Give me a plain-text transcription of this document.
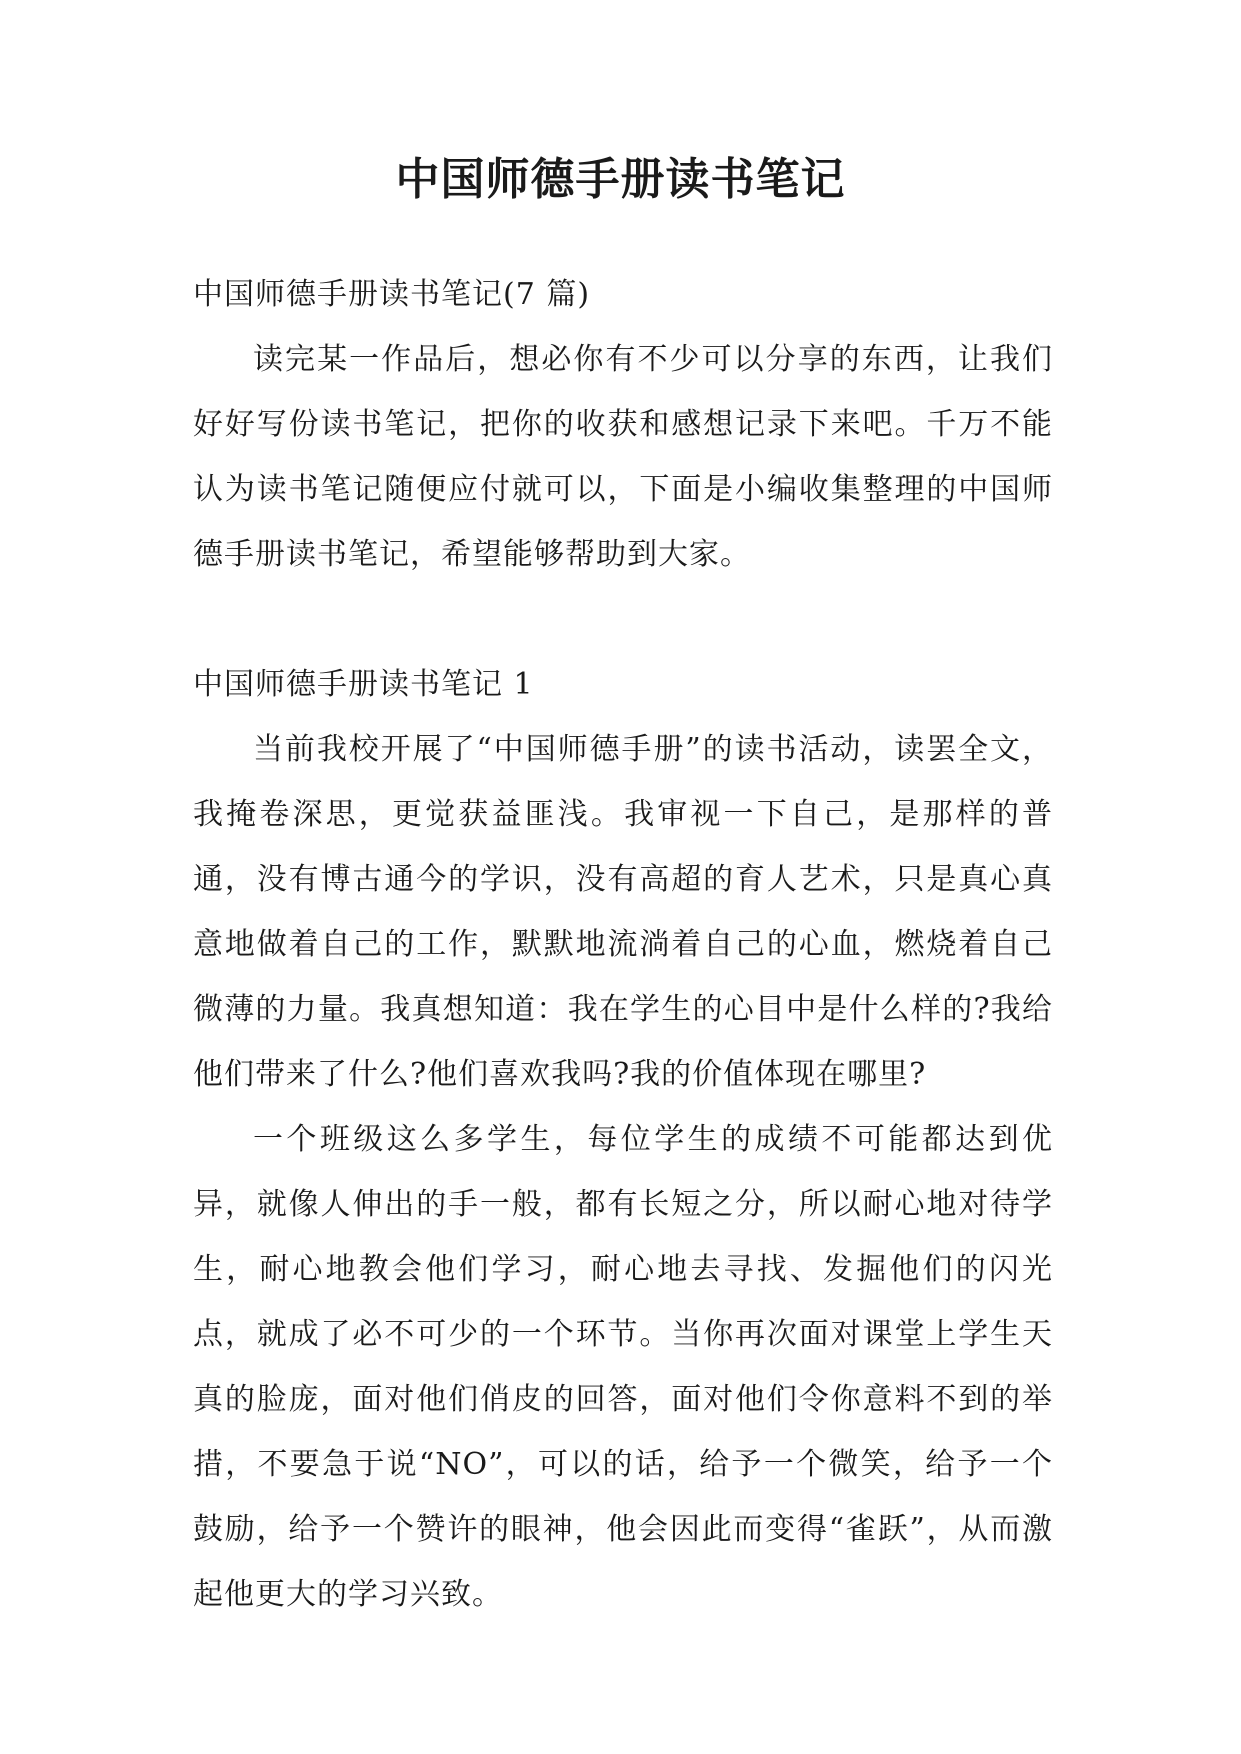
中国师德手册读书笔记

中国师德手册读书笔记(7 篇)

读完某一作品后，想必你有不少可以分享的东西，让我们好好写份读书笔记，把你的收获和感想记录下来吧。千万不能认为读书笔记随便应付就可以，下面是小编收集整理的中国师德手册读书笔记，希望能够帮助到大家。

中国师德手册读书笔记 1

当前我校开展了“中国师德手册”的读书活动，读罢全文，我掩卷深思，更觉获益匪浅。我审视一下自己，是那样的普通，没有博古通今的学识，没有高超的育人艺术，只是真心真意地做着自己的工作，默默地流淌着自己的心血，燃烧着自己微薄的力量。我真想知道：我在学生的心目中是什么样的?我给他们带来了什么?他们喜欢我吗?我的价值体现在哪里?

一个班级这么多学生，每位学生的成绩不可能都达到优异，就像人伸出的手一般，都有长短之分，所以耐心地对待学生，耐心地教会他们学习，耐心地去寻找、发掘他们的闪光点，就成了必不可少的一个环节。当你再次面对课堂上学生天真的脸庞，面对他们俏皮的回答，面对他们令你意料不到的举措，不要急于说“NO”，可以的话，给予一个微笑，给予一个鼓励，给予一个赞许的眼神，他会因此而变得“雀跃”，从而激起他更大的学习兴致。
